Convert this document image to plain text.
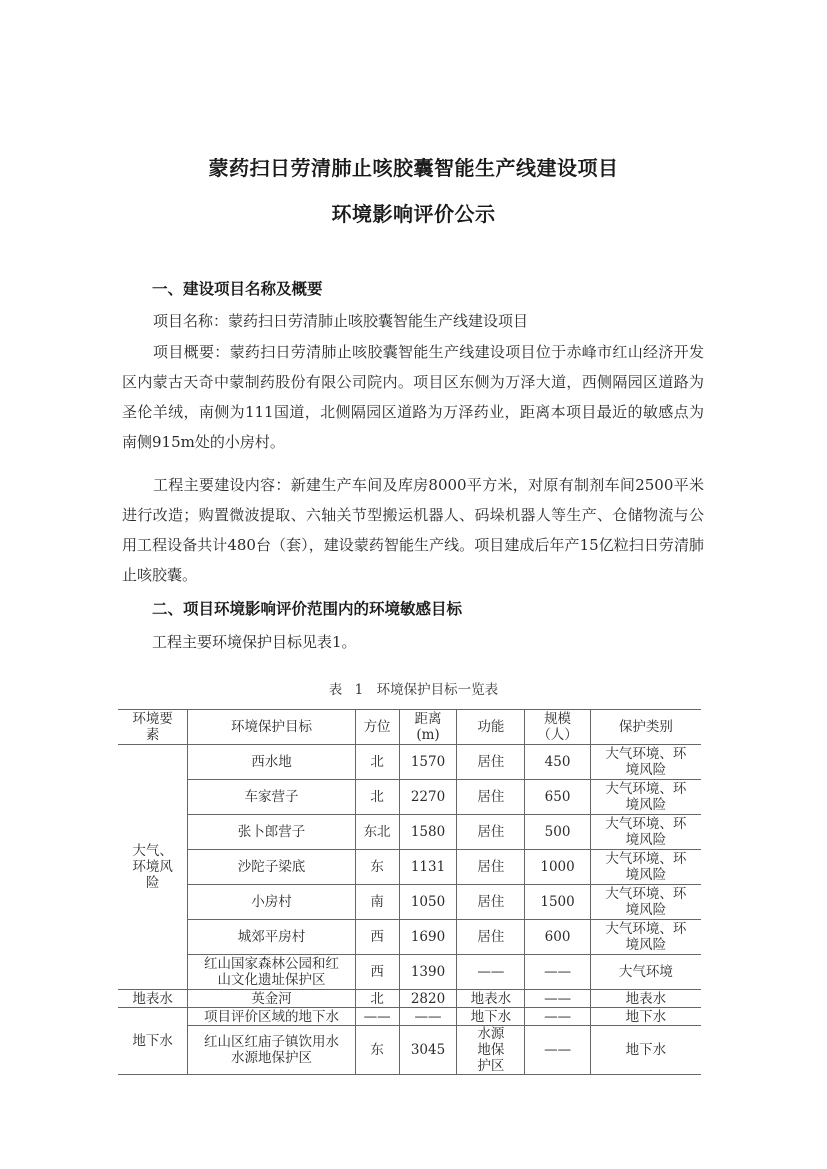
蒙药扫日劳清肺止咳胶囊智能生产线建设项目
环境影响评价公示
一、建设项目名称及概要
项目名称：蒙药扫日劳清肺止咳胶囊智能生产线建设项目
项目概要：蒙药扫日劳清肺止咳胶囊智能生产线建设项目位于赤峰市红山经济开发区内蒙古天奇中蒙制药股份有限公司院内。项目区东侧为万泽大道，西侧隔园区道路为圣伦羊绒，南侧为111国道，北侧隔园区道路为万泽药业，距离本项目最近的敏感点为南侧915m处的小房村。
工程主要建设内容：新建生产车间及库房8000平方米，对原有制剂车间2500平米进行改造；购置微波提取、六轴关节型搬运机器人、码垛机器人等生产、仓储物流与公用工程设备共计480台（套），建设蒙药智能生产线。项目建成后年产15亿粒扫日劳清肺止咳胶囊。
二、项目环境影响评价范围内的环境敏感目标
工程主要环境保护目标见表1。
表 1　环境保护目标一览表
环境要素	环境保护目标	方位	距离(m)	功能	规模（人）	保护类别
大气、环境风险	西水地	北	1570	居住	450	大气环境、环境风险
	车家营子	北	2270	居住	650	大气环境、环境风险
	张卜郎营子	东北	1580	居住	500	大气环境、环境风险
	沙陀子梁底	东	1131	居住	1000	大气环境、环境风险
	小房村	南	1050	居住	1500	大气环境、环境风险
	城郊平房村	西	1690	居住	600	大气环境、环境风险
	红山国家森林公园和红山文化遗址保护区	西	1390	——	——	大气环境
地表水	英金河	北	2820	地表水	——	地表水
地下水	项目评价区域的地下水	——	——	地下水	——	地下水
	红山区红庙子镇饮用水水源地保护区	东	3045	水源地保护区	——	地下水
